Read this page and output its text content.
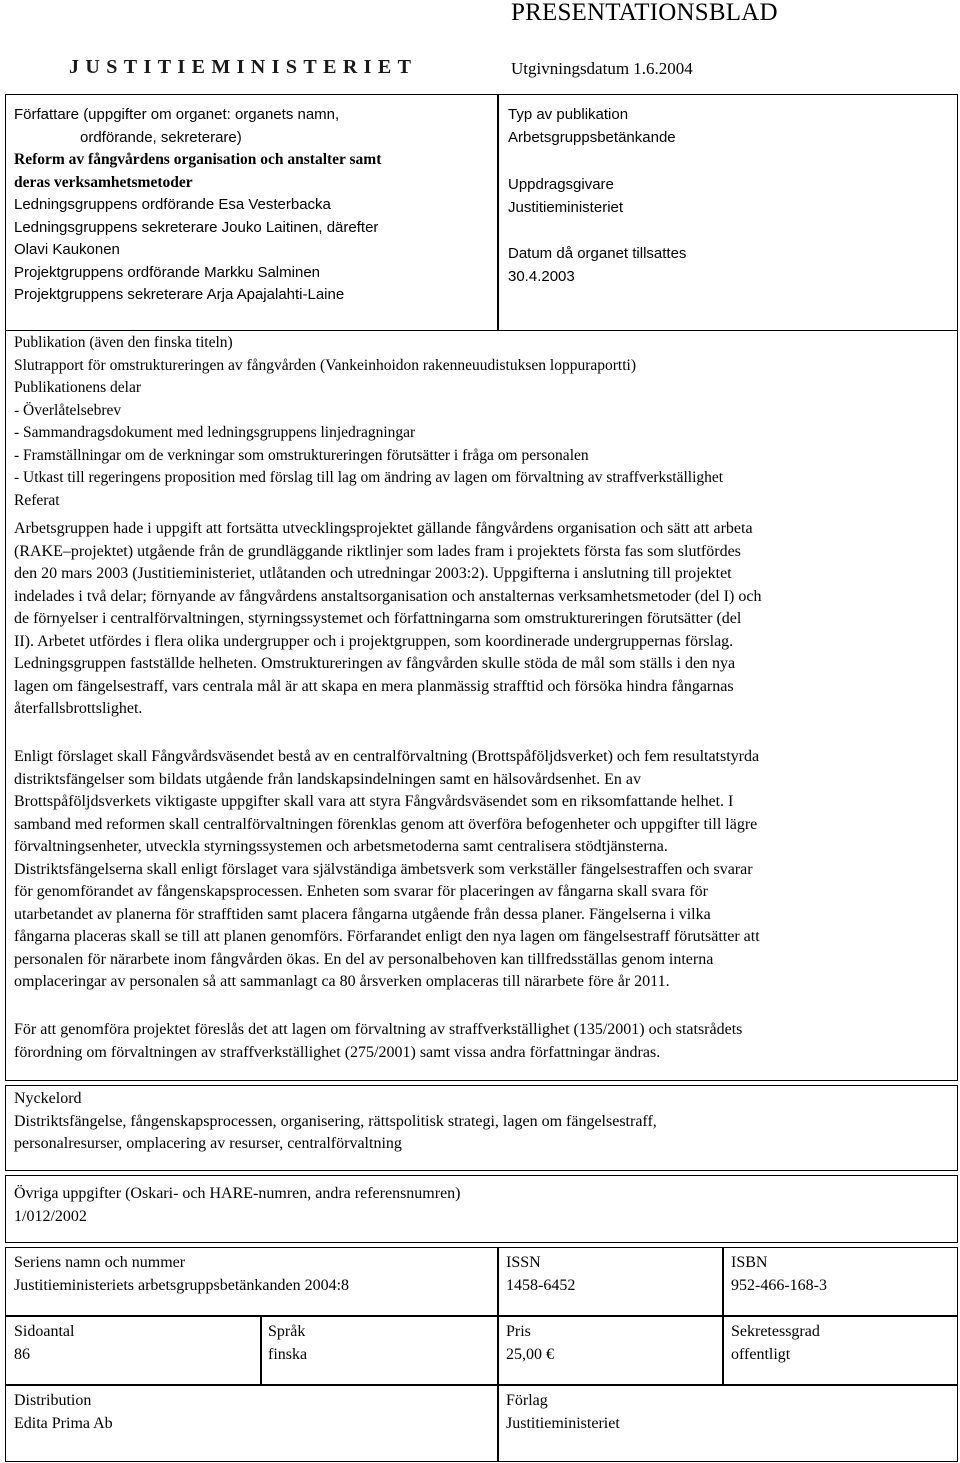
PRESENTATIONSBLAD
JUSTITIEMINISTERIET	Utgivningsdatum 1.6.2004
Författare (uppgifter om organet: organets namn,
ordförande, sekreterare)
Reform av fångvårdens organisation och anstalter samt
deras verksamhetsmetoder
Ledningsgruppens ordförande Esa Vesterbacka
Ledningsgruppens sekreterare Jouko Laitinen, därefter
Olavi Kaukonen
Projektgruppens ordförande Markku Salminen
Projektgruppens sekreterare Arja Apajalahti-Laine
Typ av publikation
Arbetsgruppsbetänkande
Uppdragsgivare
Justitieministeriet
Datum då organet tillsattes
30.4.2003
Publikation (även den finska titeln)
Slutrapport för omstruktureringen av fångvården (Vankeinhoidon rakenneuudistuksen loppuraportti)
Publikationens delar
- Överlåtelsebrev
- Sammandragsdokument med ledningsgruppens linjedragningar
- Framställningar om de verkningar som omstruktureringen förutsätter i fråga om personalen
- Utkast till regeringens proposition med förslag till lag om ändring av lagen om förvaltning av straffverkställighet
Referat
Arbetsgruppen hade i uppgift att fortsätta utvecklingsprojektet gällande fångvårdens organisation och sätt att arbeta
(RAKE–projektet) utgående från de grundläggande riktlinjer som lades fram i projektets första fas som slutfördes
den 20 mars 2003 (Justitieministeriet, utlåtanden och utredningar 2003:2). Uppgifterna i anslutning till projektet
indelades i två delar; förnyande av fångvårdens anstaltsorganisation och anstalternas verksamhetsmetoder (del I) och
de förnyelser i centralförvaltningen, styrningssystemet och författningarna som omstruktureringen förutsätter (del
II). Arbetet utfördes i flera olika undergrupper och i projektgruppen, som koordinerade undergruppernas förslag.
Ledningsgruppen fastställde helheten. Omstruktureringen av fångvården skulle stöda de mål som ställs i den nya
lagen om fängelsestraff, vars centrala mål är att skapa en mera planmässig strafftid och försöka hindra fångarnas
återfallsbrottslighet.
Enligt förslaget skall Fångvårdsväsendet bestå av en centralförvaltning (Brottspåföljdsverket) och fem resultatstyrda
distriktsfängelser som bildats utgående från landskapsindelningen samt en hälsovårdsenhet. En av
Brottspåföljdsverkets viktigaste uppgifter skall vara att styra Fångvårdsväsendet som en riksomfattande helhet. I
samband med reformen skall centralförvaltningen förenklas genom att överföra befogenheter och uppgifter till lägre
förvaltningsenheter, utveckla styrningssystemen och arbetsmetoderna samt centralisera stödtjänsterna.
Distriktsfängelserna skall enligt förslaget vara självständiga ämbetsverk som verkställer fängelsestraffen och svarar
för genomförandet av fångenskapsprocessen. Enheten som svarar för placeringen av fångarna skall svara för
utarbetandet av planerna för strafftiden samt placera fångarna utgående från dessa planer. Fängelserna i vilka
fångarna placeras skall se till att planen genomförs. Förfarandet enligt den nya lagen om fängelsestraff förutsätter att
personalen för närarbete inom fångvården ökas. En del av personalbehoven kan tillfredsställas genom interna
omplaceringar av personalen så att sammanlagt ca 80 årsverken omplaceras till närarbete före år 2011.
För att genomföra projektet föreslås det att lagen om förvaltning av straffverkställighet (135/2001) och statsrådets
förordning om förvaltningen av straffverkställighet (275/2001) samt vissa andra författningar ändras.
Nyckelord
Distriktsfängelse, fångenskapsprocessen, organisering, rättspolitisk strategi, lagen om fängelsestraff,
personalresurser, omplacering av resurser, centralförvaltning
Övriga uppgifter (Oskari- och HARE-numren, andra referensnumren)
1/012/2002
Seriens namn och nummer
Justitieministeriets arbetsgruppsbetänkanden 2004:8
ISSN
1458-6452
ISBN
952-466-168-3
Sidoantal
86
Språk
finska
Pris
25,00 €
Sekretessgrad
offentligt
Distribution
Edita Prima Ab
Förlag
Justitieministeriet
